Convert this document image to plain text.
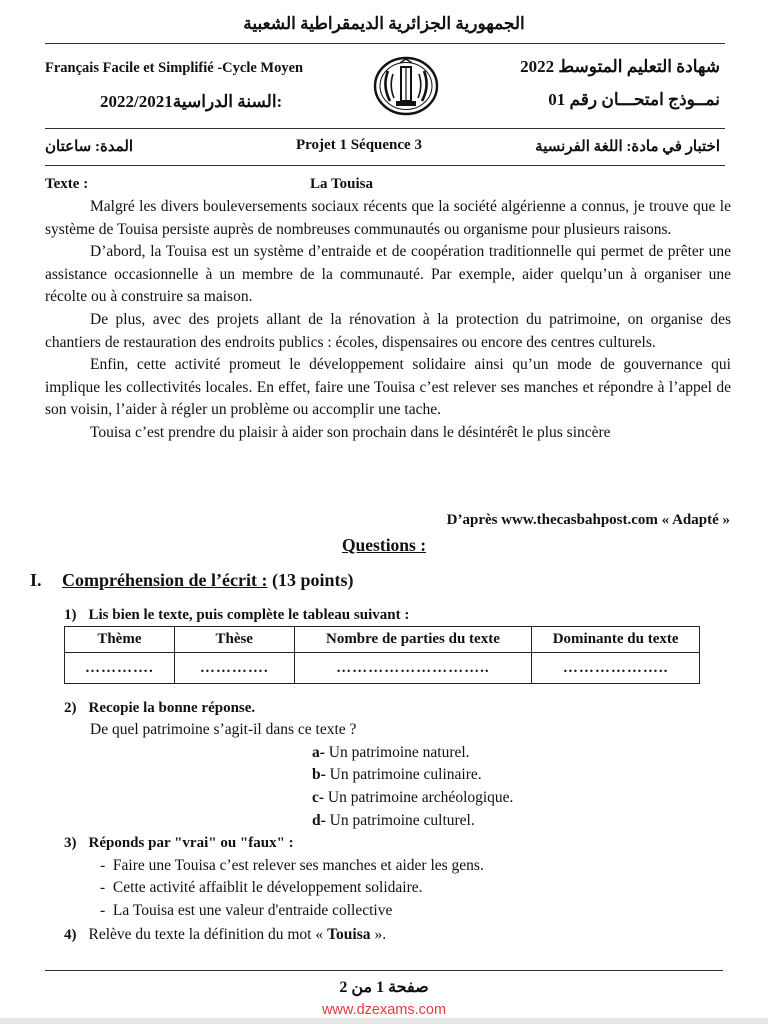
الجمهورية الجزائرية الديمقراطية الشعبية
Français Facile et Simplifié -Cycle Moyen
2022/2021السنة الدراسية:
شهادة التعليم المتوسط 2022
نمــوذج امتحـــان رقم 01
المدة: ساعتان	Projet 1 Séquence 3	اختبار في مادة: اللغة الفرنسية
Texte :	La Touisa

Malgré les divers bouleversements sociaux récents que la société algérienne a connus, je trouve que le système de Touisa persiste auprès de nombreuses communautés ou organisme pour plusieurs raisons.

D’abord, la Touisa est un système d’entraide et de coopération traditionnelle qui permet de prêter une assistance occasionnelle à un membre de la communauté. Par exemple, aider quelqu’un à organiser une récolte ou à construire sa maison.

De plus, avec des projets allant de la rénovation à la protection du patrimoine, on organise des chantiers de restauration des endroits publics : écoles, dispensaires ou encore des centres culturels.

Enfin, cette activité promeut le développement solidaire ainsi qu’un mode de gouvernance qui implique les collectivités locales. En effet, faire une Touisa c’est relever ses manches et répondre à l’appel de son voisin, l’aider à régler un problème ou accomplir une tache.

Touisa c’est prendre du plaisir à aider son prochain dans le désintérêt le plus sincère

D’après www.thecasbahpost.com « Adapté »
Questions :
I. Compréhension de l’écrit : (13 points)
1) Lis bien le texte, puis complète le tableau suivant :
Thème	Thèse	Nombre de parties du texte	Dominante du texte
………….	………….	………………………..	………………..
2) Recopie la bonne réponse.
De quel patrimoine s’agit-il dans ce texte ?
a- Un patrimoine naturel.
b- Un patrimoine culinaire.
c- Un patrimoine archéologique.
d- Un patrimoine culturel.
3) Réponds par "vrai" ou "faux" :
-  Faire une Touisa c’est relever ses manches et aider les gens.
-  Cette activité affaiblit le développement solidaire.
-  La Touisa est une valeur d'entraide collective
4) Relève du texte la définition du mot « Touisa ».
صفحة 1 من 2
www.dzexams.com
